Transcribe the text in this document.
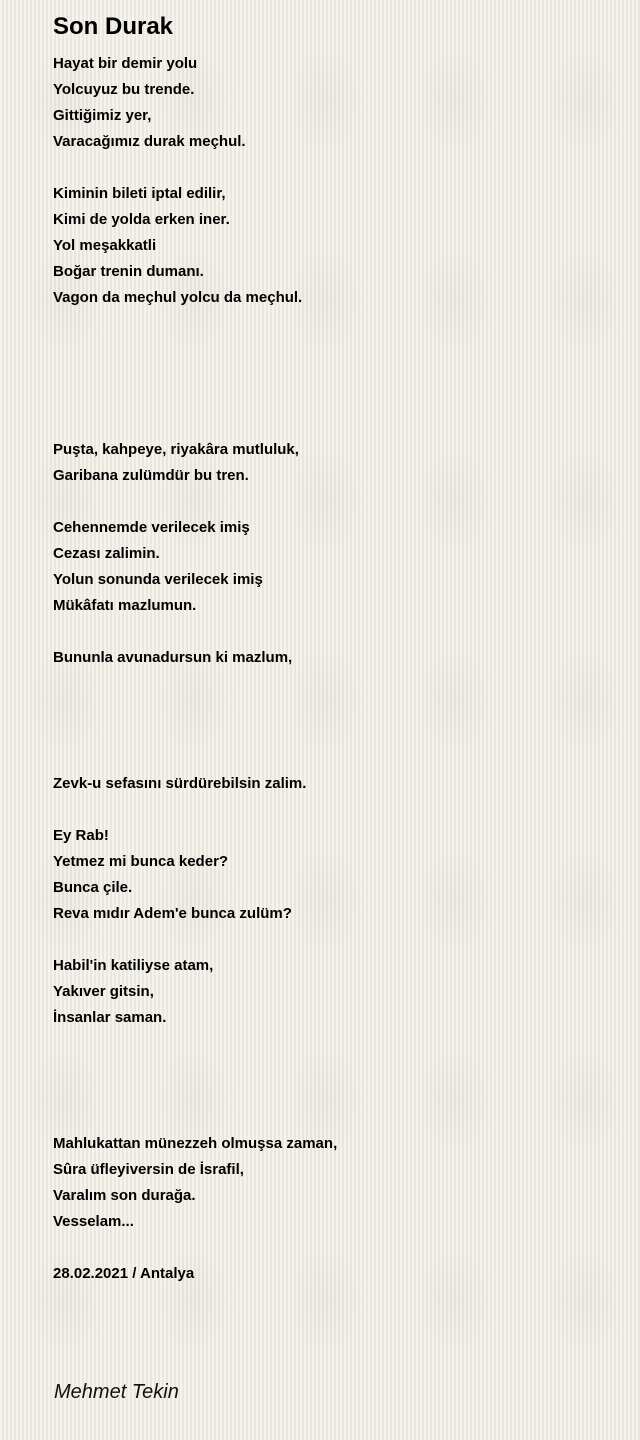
Son Durak

Hayat bir demir yolu

Yolcuyuz bu trende.

Gittiğimiz yer,

Varacağımız durak meçhul.

Kiminin bileti iptal edilir,

Kimi de yolda erken iner.

Yol meşakkatli

Boğar trenin dumanı.

Vagon da meçhul yolcu da meçhul.

Puşta, kahpeye, riyakâra mutluluk,

Garibana zulümdür bu tren.

Cehennemde verilecek imiş

Cezası zalimin.

Yolun sonunda verilecek imiş

Mükâfatı mazlumun.

Bununla avunadursun ki mazlum,

Zevk-u sefasını sürdürebilsin zalim.

Ey Rab!

Yetmez mi bunca keder?

Bunca çile.

Reva mıdır Adem'e bunca zulüm?

Habil'in katiliyse atam,

Yakıver gitsin,

İnsanlar saman.

Mahlukattan münezzeh olmuşsa zaman,

Sûra üfleyiversin de İsrafil,

Varalım son durağa.

Vesselam...

28.02.2021 / Antalya

Mehmet Tekin
